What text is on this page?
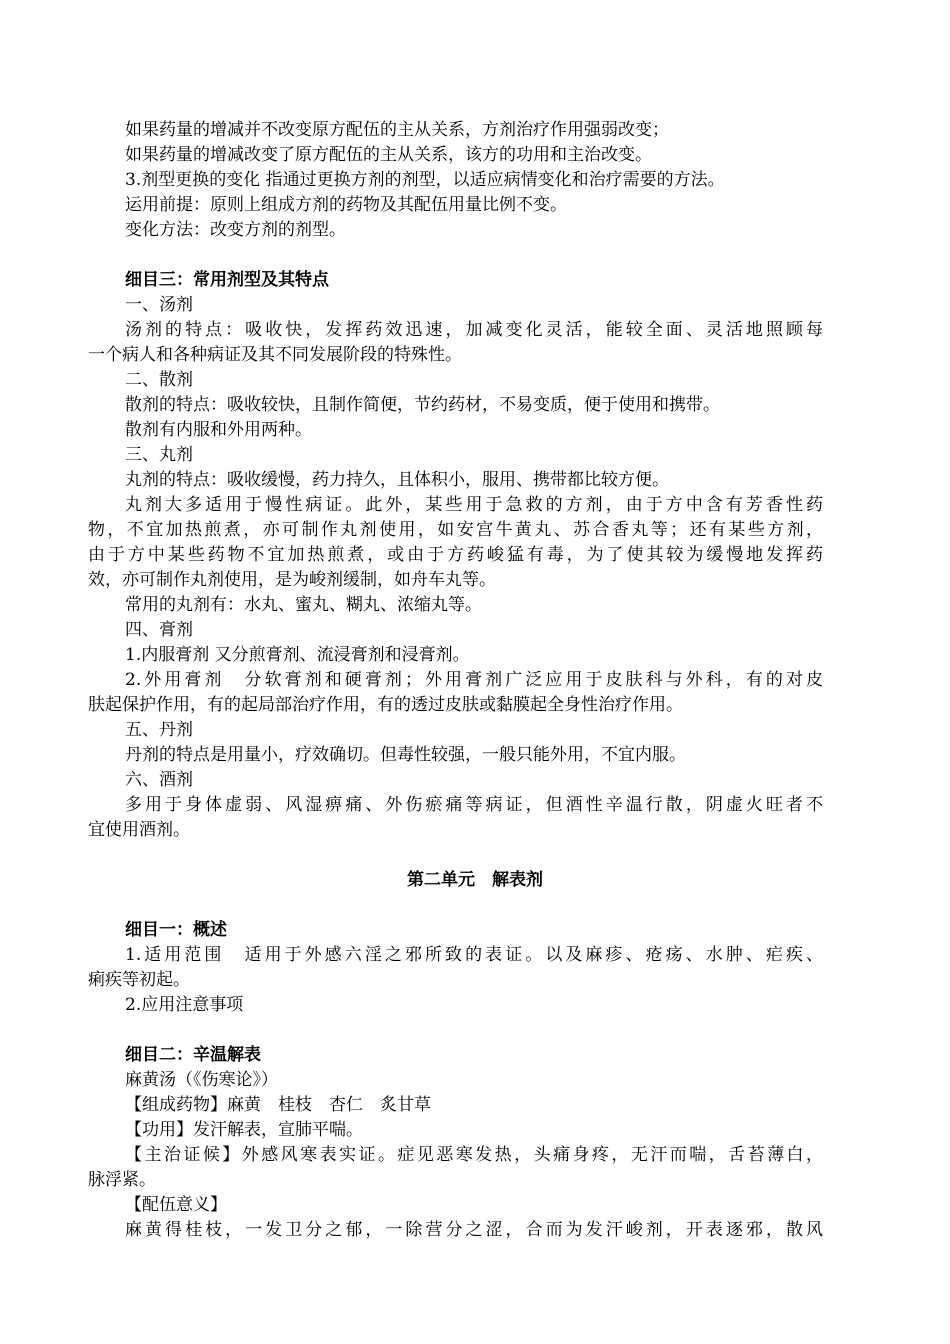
如果药量的增减并不改变原方配伍的主从关系，方剂治疗作用强弱改变；
如果药量的增减改变了原方配伍的主从关系，该方的功用和主治改变。
3.剂型更换的变化 指通过更换方剂的剂型，以适应病情变化和治疗需要的方法。
运用前提：原则上组成方剂的药物及其配伍用量比例不变。
变化方法：改变方剂的剂型。
细目三：常用剂型及其特点
一、汤剂
汤剂的特点：吸收快，发挥药效迅速，加减变化灵活，能较全面、灵活地照顾每
一个病人和各种病证及其不同发展阶段的特殊性。
二、散剂
散剂的特点：吸收较快，且制作简便，节约药材，不易变质，便于使用和携带。
散剂有内服和外用两种。
三、丸剂
丸剂的特点：吸收缓慢，药力持久，且体积小，服用、携带都比较方便。
丸剂大多适用于慢性病证。此外，某些用于急救的方剂，由于方中含有芳香性药
物，不宜加热煎煮，亦可制作丸剂使用，如安宫牛黄丸、苏合香丸等；还有某些方剂，
由于方中某些药物不宜加热煎煮，或由于方药峻猛有毒，为了使其较为缓慢地发挥药
效，亦可制作丸剂使用，是为峻剂缓制，如舟车丸等。
常用的丸剂有：水丸、蜜丸、糊丸、浓缩丸等。
四、膏剂
1.内服膏剂 又分煎膏剂、流浸膏剂和浸膏剂。
2.外用膏剂　分软膏剂和硬膏剂；外用膏剂广泛应用于皮肤科与外科，有的对皮
肤起保护作用，有的起局部治疗作用，有的透过皮肤或黏膜起全身性治疗作用。
五、丹剂
丹剂的特点是用量小，疗效确切。但毒性较强，一般只能外用，不宜内服。
六、酒剂
多用于身体虚弱、风湿痹痛、外伤瘀痛等病证，但酒性辛温行散，阴虚火旺者不
宜使用酒剂。
第二单元　解表剂
细目一：概述
1.适用范围　适用于外感六淫之邪所致的表证。以及麻疹、疮疡、水肿、疟疾、
痢疾等初起。
2.应用注意事项
细目二：辛温解表
麻黄汤（《伤寒论》）
【组成药物】麻黄　桂枝　杏仁　炙甘草
【功用】发汗解表，宣肺平喘。
【主治证候】外感风寒表实证。症见恶寒发热，头痛身疼，无汗而喘，舌苔薄白，
脉浮紧。
【配伍意义】
麻黄得桂枝，一发卫分之郁，一除营分之涩，合而为发汗峻剂，开表逐邪，散风
